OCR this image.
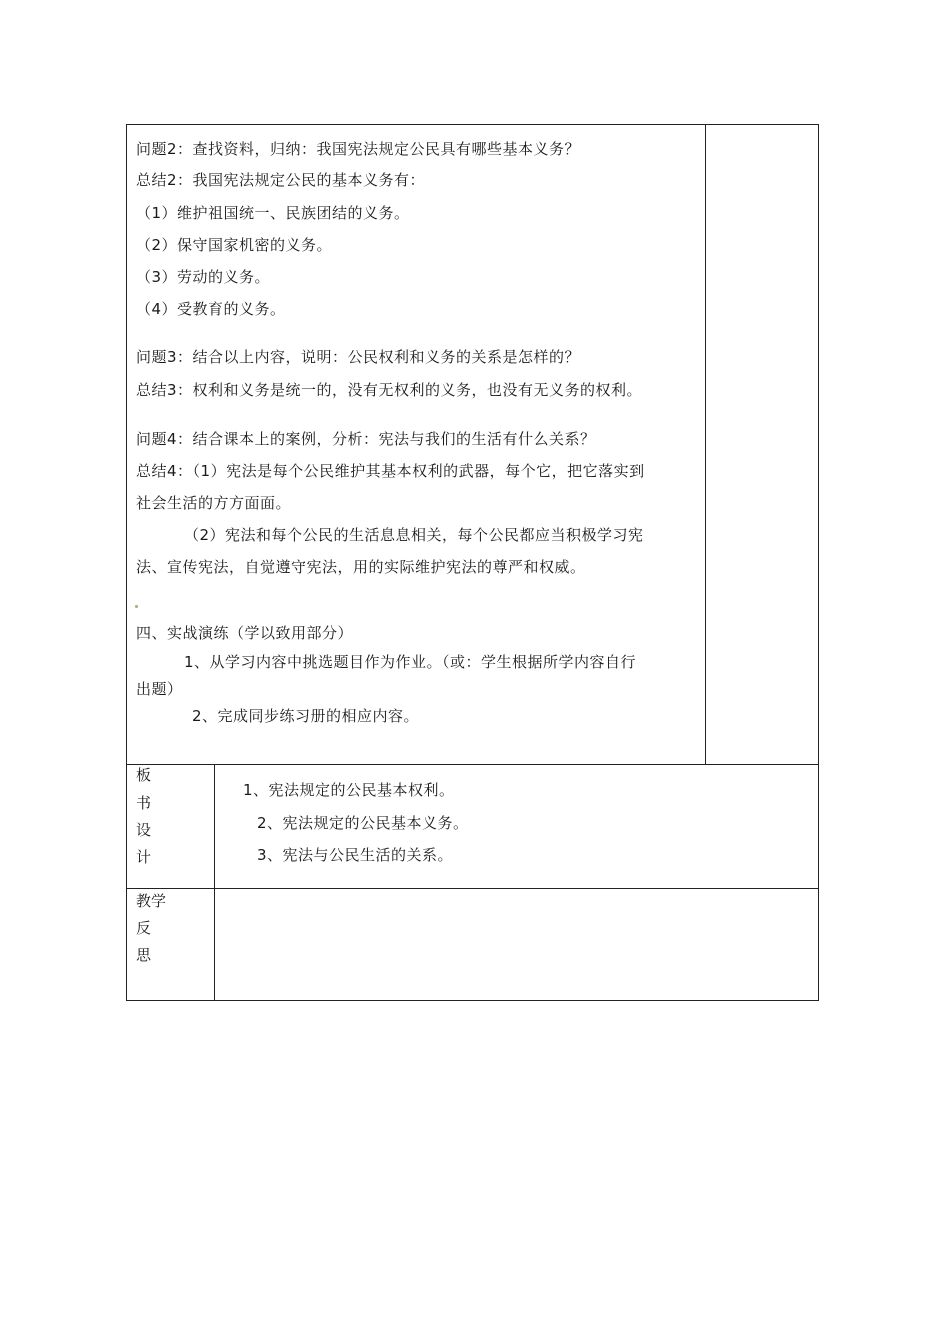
问题2：查找资料，归纳：我国宪法规定公民具有哪些基本义务？
总结2：我国宪法规定公民的基本义务有：
（1）维护祖国统一、民族团结的义务。
（2）保守国家机密的义务。
（3）劳动的义务。
（4）受教育的义务。
问题3：结合以上内容，说明：公民权利和义务的关系是怎样的？
总结3：权利和义务是统一的，没有无权利的义务，也没有无义务的权利。
问题4：结合课本上的案例，分析：宪法与我们的生活有什么关系？
总结4：（1）宪法是每个公民维护其基本权利的武器，每个它，把它落实到
社会生活的方方面面。
（2）宪法和每个公民的生活息息相关，每个公民都应当积极学习宪
法、宣传宪法，自觉遵守宪法，用的实际维护宪法的尊严和权威。
四、实战演练（学以致用部分）
1、从学习内容中挑选题目作为作业。（或：学生根据所学内容自行
出题）
2、完成同步练习册的相应内容。
板
书
设
计
1、宪法规定的公民基本权利。
2、宪法规定的公民基本义务。
3、宪法与公民生活的关系。
教学
反
思
